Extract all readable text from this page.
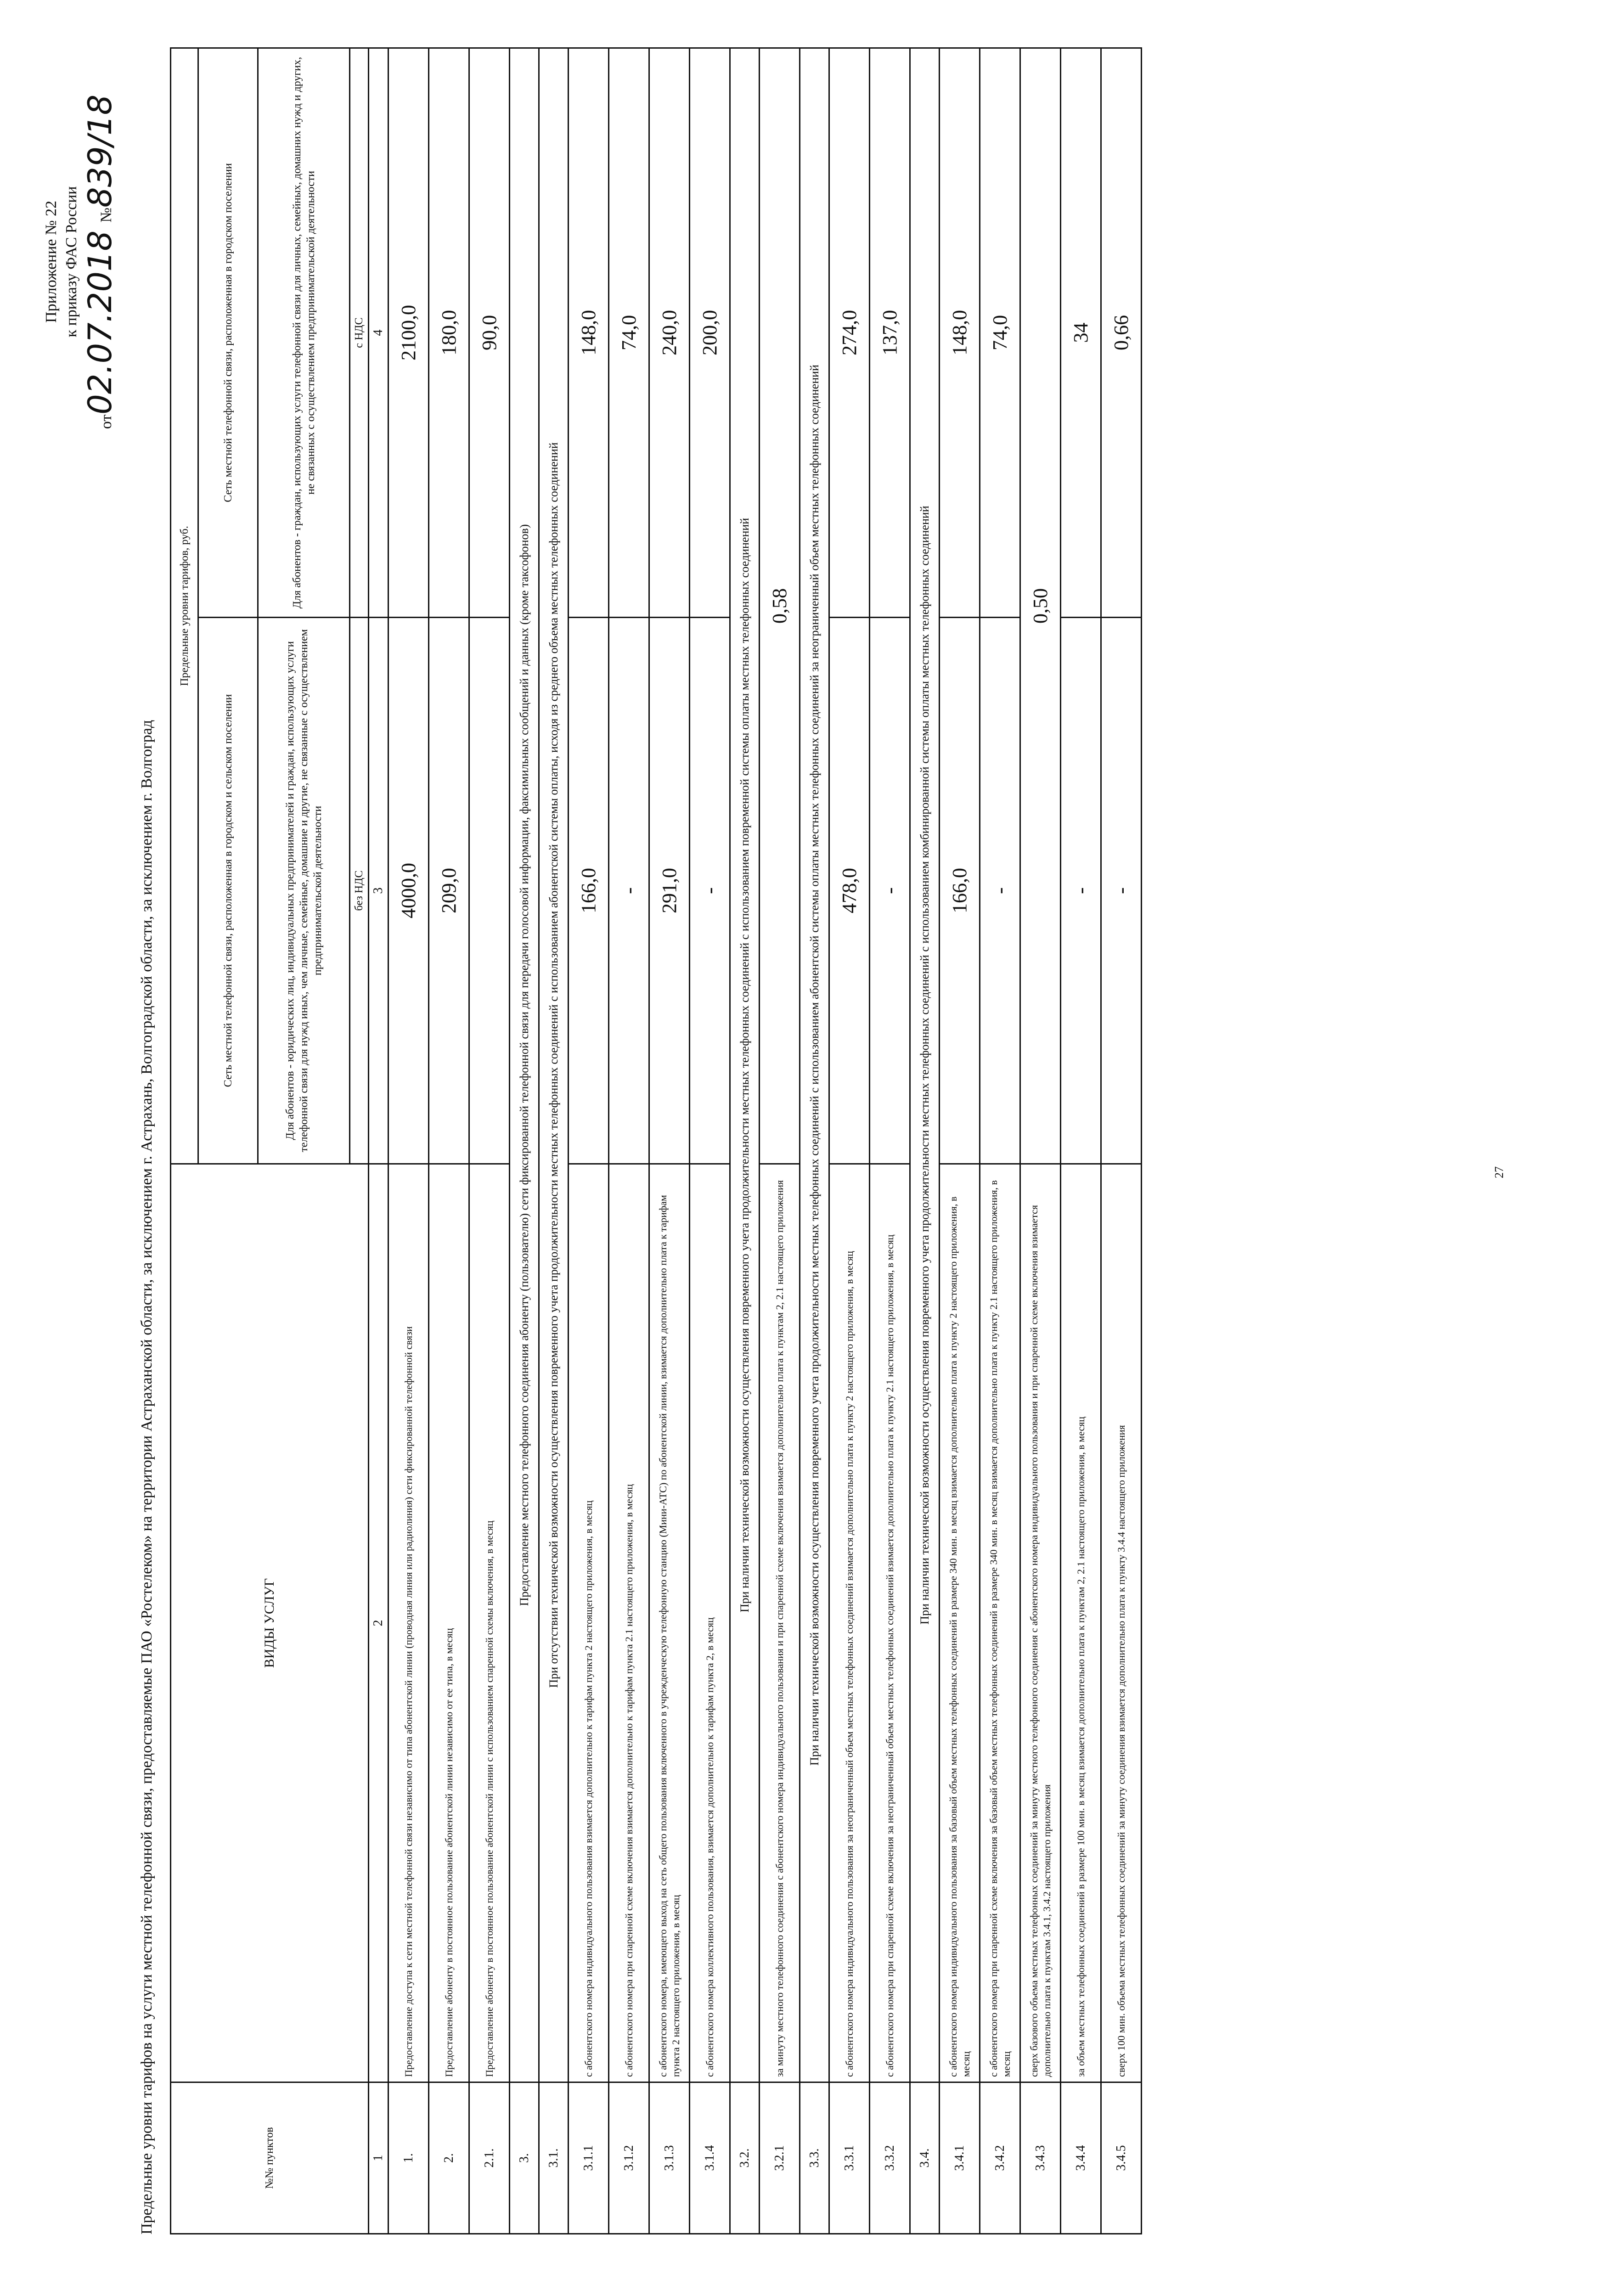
Приложение № 22 к приказу ФАС России
от02.07.2018 №839/18
Предельные уровни тарифов на услуги местной телефонной связи, предоставляемые ПАО «Ростелеком» на территории Астраханской области, за исключением г. Астрахань, Волгоградской области, за исключением г. Волгоград	№№ пунктов	ВИДЫ УСЛУГ	Предельные уровни тарифов, руб.	
		Сеть местной телефонной связи, расположенная в городском и сельском поселении	Сеть местной телефонной связи, расположенная в городском поселении
		Для абонентов - юридических лиц, индивидуальных предпринимателей и граждан, использующих услуги телефонной связи для нужд иных, чем личные, семейные, домашние и другие, не связанные с осуществлением предпринимательской деятельности	Для абонентов - граждан, использующих услуги телефонной связи для личных, семейных, домашних нужд и других, не связанных с осуществлением предпринимательской деятельности
		без НДС	с НДС
1	2	3	4
1.	Предоставление доступа к сети местной телефонной связи независимо от типа абонентской линии (проводная линия или радиолиния) сети фиксированной телефонной связи	4000,0	2100,0
2.	Предоставление абоненту в постоянное пользование абонентской линии независимо от ее типа, в месяц	209,0	180,0
2.1.	Предоставление абоненту в постоянное пользование абонентской линии с использованием спаренной схемы включения, в месяц		90,0
3.	Предоставление местного телефонного соединения абоненту (пользователю) сети фиксированной телефонной связи для передачи голосовой информации, факсимильных сообщений и данных (кроме таксофонов)		
3.1.	При отсутствии технической возможности осуществления повременного учета продолжительности местных телефонных соединений с использованием абонентской системы оплаты, исходя из среднего объема местных телефонных соединений		
3.1.1	с абонентского номера индивидуального пользования взимается дополнительно к тарифам пункта 2 настоящего приложения, в месяц	166,0	148,0
3.1.2	с абонентского номера при спаренной схеме включения взимается дополнительно к тарифам пункта 2.1 настоящего приложения, в месяц	-	74,0
3.1.3	с абонентского номера, имеющего выход на сеть общего пользования включенного в учрежденческую телефонную станцию (Мини-АТС) по абонентской линии, взимается дополнительно плата к тарифам пункта 2 настоящего приложения, в месяц	291,0	240,0
3.1.4	с абонентского номера коллективного пользования, взимается дополнительно к тарифам пункта 2, в месяц	-	200,0
3.2.	При наличии технической возможности осуществления повременного учета продолжительности местных телефонных соединений с использованием повременной системы оплаты местных телефонных соединений		
3.2.1	за минуту местного телефонного соединения с абонентского номера индивидуального пользования и при спаренной схеме включения взимается дополнительно плата к пунктам 2, 2.1 настоящего приложения	0,58	
3.3.	При наличии технической возможности осуществления повременного учета продолжительности местных телефонных соединений с использованием абонентской системы оплаты местных телефонных соединений за неограниченный объем местных телефонных соединений		
3.3.1	с абонентского номера индивидуального пользования за неограниченный объем местных телефонных соединений взимается дополнительно плата к пункту 2 настоящего приложения, в месяц	478,0	274,0
3.3.2	с абонентского номера при спаренной схеме включения за неограниченный объем местных телефонных соединений взимается дополнительно плата к пункту 2.1 настоящего приложения, в месяц	-	137,0
3.4.	При наличии технической возможности осуществления повременного учета продолжительности местных телефонных соединений с использованием комбинированной системы оплаты местных телефонных соединений		
3.4.1	с абонентского номера индивидуального пользования за базовый объем местных телефонных соединений в размере 340 мин. в месяц взимается дополнительно плата к пункту 2 настоящего приложения, в месяц	166,0	148,0
3.4.2	с абонентского номера при спаренной схеме включения за базовый объем местных телефонных соединений в размере 340 мин. в месяц взимается дополнительно плата к пункту 2.1 настоящего приложения, в месяц	-	74,0
3.4.3	сверх базового объема местных телефонных соединений за минуту местного телефонного соединения с абонентского номера индивидуального пользования и при спаренной схеме включения взимается дополнительно плата к пунктам 3.4.1, 3.4.2 настоящего приложения	0,50	
3.4.4	за объем местных телефонных соединений в размере 100 мин. в месяц взимается дополнительно плата к пунктам 2, 2.1 настоящего приложения, в месяц	-	34
3.4.5	сверх 100 мин. объема местных телефонных соединений за минуту соединения взимается дополнительно плата к пункту 3.4.4 настоящего приложения	-	0,66
27
